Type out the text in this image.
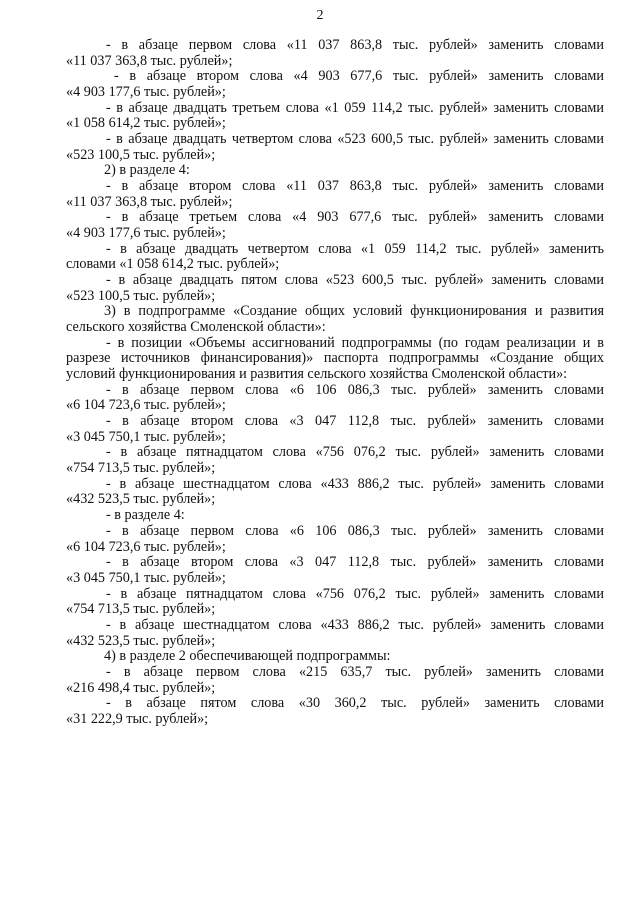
2
- в абзаце первом слова «11 037 863,8 тыс. рублей» заменить словами
«11 037 363,8 тыс. рублей»;
- в абзаце втором слова «4 903 677,6 тыс. рублей» заменить словами
«4 903 177,6 тыс. рублей»;
- в абзаце двадцать третьем слова «1 059 114,2 тыс. рублей» заменить словами
«1 058 614,2 тыс. рублей»;
- в абзаце двадцать четвертом слова «523 600,5 тыс. рублей» заменить словами
«523 100,5 тыс. рублей»;
2) в разделе 4:
- в абзаце втором слова «11 037 863,8 тыс. рублей» заменить словами
«11 037 363,8 тыс. рублей»;
- в абзаце третьем слова «4 903 677,6 тыс. рублей» заменить словами
«4 903 177,6 тыс. рублей»;
- в абзаце двадцать четвертом слова «1 059 114,2 тыс. рублей» заменить
словами «1 058 614,2 тыс. рублей»;
- в абзаце двадцать пятом слова «523 600,5 тыс. рублей» заменить словами
«523 100,5 тыс. рублей»;
3) в подпрограмме «Создание общих условий функционирования и развития
сельского хозяйства Смоленской области»:
- в позиции «Объемы ассигнований подпрограммы (по годам реализации и в
разрезе источников финансирования)» паспорта подпрограммы «Создание общих
условий функционирования и развития сельского хозяйства Смоленской области»:
- в абзаце первом слова «6 106 086,3 тыс. рублей» заменить словами
«6 104 723,6 тыс. рублей»;
- в абзаце втором слова «3 047 112,8 тыс. рублей» заменить словами
«3 045 750,1 тыс. рублей»;
- в абзаце пятнадцатом слова «756 076,2 тыс. рублей» заменить словами
«754 713,5 тыс. рублей»;
- в абзаце шестнадцатом слова «433 886,2 тыс. рублей» заменить словами
«432 523,5 тыс. рублей»;
- в разделе 4:
- в абзаце первом слова «6 106 086,3 тыс. рублей» заменить словами
«6 104 723,6 тыс. рублей»;
- в абзаце втором слова «3 047 112,8 тыс. рублей» заменить словами
«3 045 750,1 тыс. рублей»;
- в абзаце пятнадцатом слова «756 076,2 тыс. рублей» заменить словами
«754 713,5 тыс. рублей»;
- в абзаце шестнадцатом слова «433 886,2 тыс. рублей» заменить словами
«432 523,5 тыс. рублей»;
4) в разделе 2 обеспечивающей подпрограммы:
- в абзаце первом слова «215 635,7 тыс. рублей» заменить словами
«216 498,4 тыс. рублей»;
- в абзаце пятом слова «30 360,2 тыс. рублей» заменить словами
«31 222,9 тыс. рублей»;
